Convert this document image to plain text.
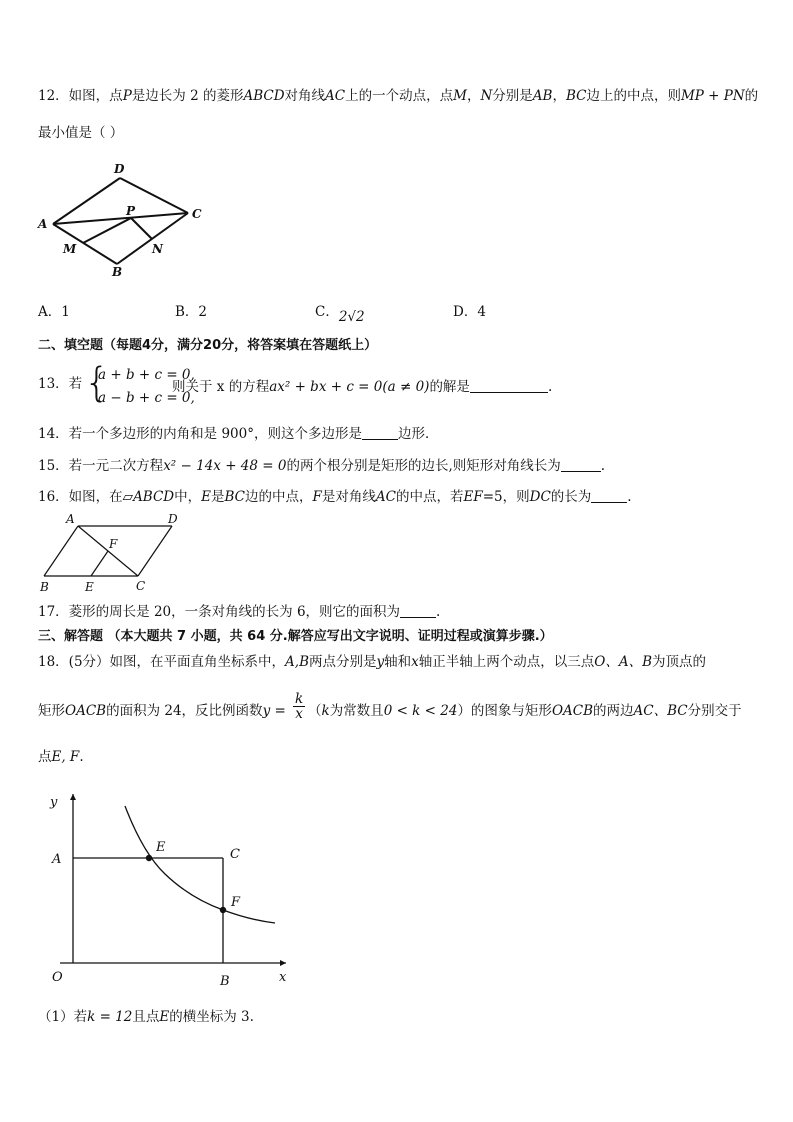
12．如图，点P是边长为 2 的菱形ABCD对角线AC上的一个动点，点M，N分别是AB，BC边上的中点，则MP + PN的
最小值是（ ）
D
A
P	C
M	N
B
A．1	B．2	C．2√2	D．4
二、填空题（每题4分，满分20分，将答案填在答题纸上）
13．若 {
a + b + c = 0,
a − b + c = 0,
则关于 x 的方程ax² + bx + c = 0(a ≠ 0)的解是	.
14．若一个多边形的内角和是 900°，则这个多边形是	边形．
15．若一元二次方程x² − 14x + 48 = 0的两个根分别是矩形的边长,则矩形对角线长为	.
16．如图，在▱ABCD中，E是BC边的中点，F是对角线AC的中点，若EF=5，则DC的长为	.
A	D
F
B	E	C
17．菱形的周长是 20，一条对角线的长为 6，则它的面积为	.
三、解答题 （本大题共 7 小题，共 64 分.解答应写出文字说明、证明过程或演算步骤.）
18．(5分）如图，在平面直角坐标系中，A,B两点分别是y轴和x轴正半轴上两个动点，以三点O、A、B为顶点的
矩形OACB的面积为 24，反比例函数$y = \frac{k}{x} (k$为常数且0 < k < 24）的图象与矩形OACB的两边AC、BC分别交于
点E, F.
y
x
O
A
B
C
E
F
（1）若k = 12且点E的横坐标为 3.
